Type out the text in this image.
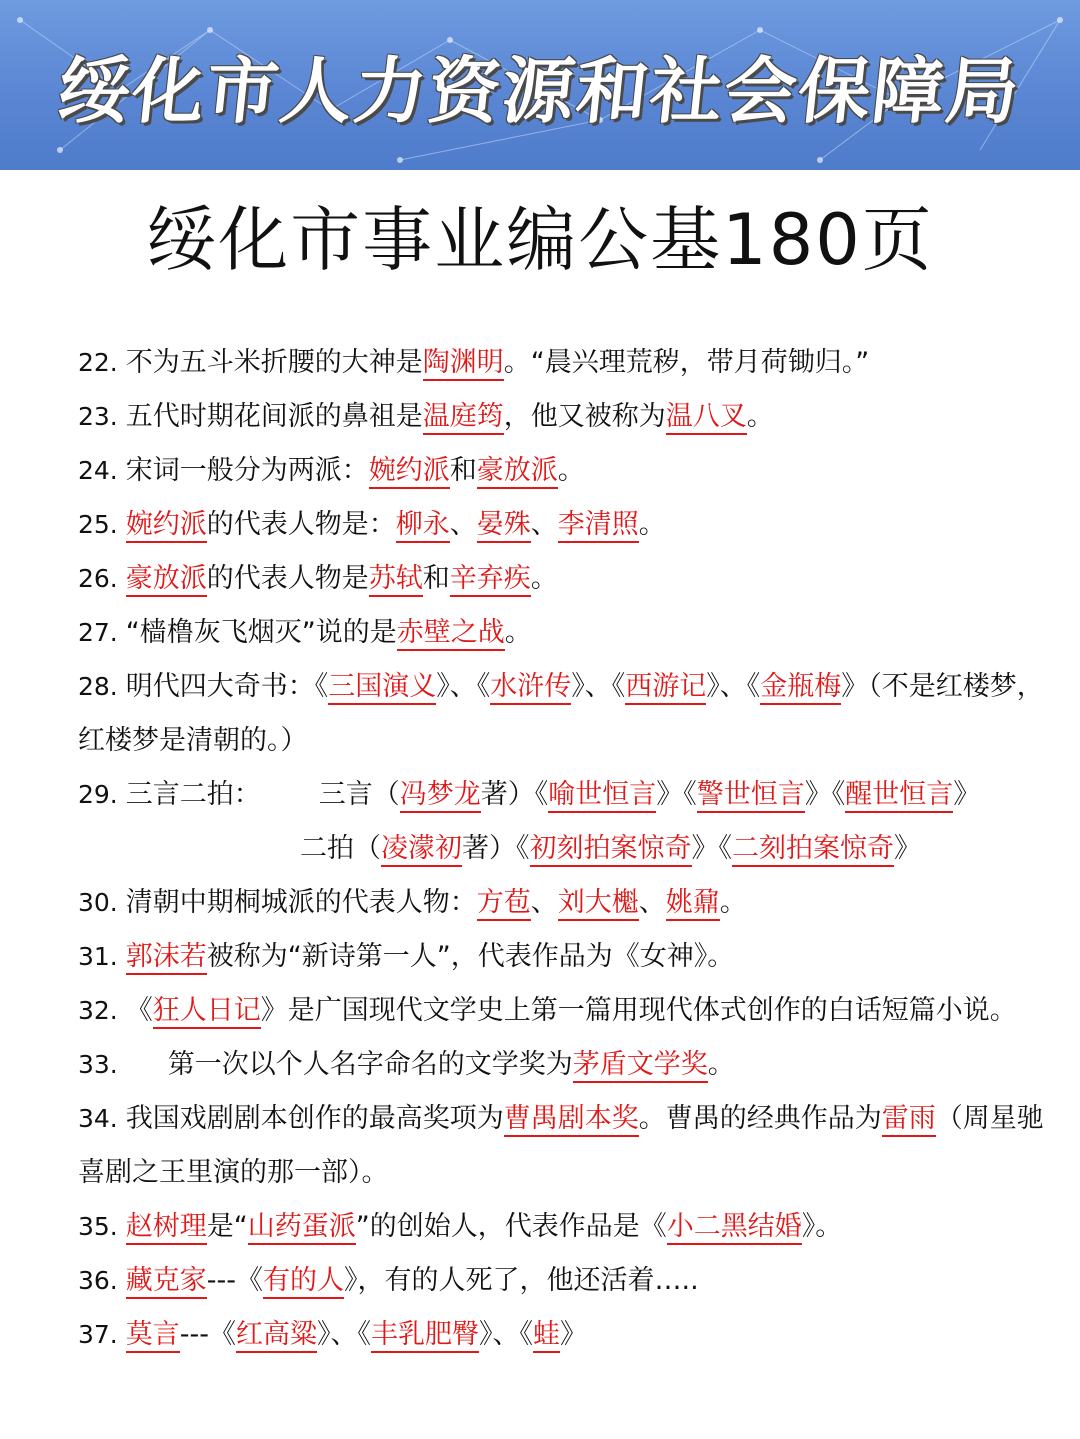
绥化市人力资源和社会保障局
绥化市事业编公基180页
22. 不为五斗米折腰的大神是陶渊明。“晨兴理荒秽，带月荷锄归。”
23. 五代时期花间派的鼻祖是温庭筠，他又被称为温八叉。
24. 宋词一般分为两派：婉约派和豪放派。
25. 婉约派的代表人物是：柳永、晏殊、李清照。
26. 豪放派的代表人物是苏轼和辛弃疾。
27. “樯橹灰飞烟灭”说的是赤壁之战。
28. 明代四大奇书：《三国演义》、《水浒传》、《西游记》、《金瓶梅》（不是红楼梦，
红楼梦是清朝的。）
29. 三言二拍： 三言（冯梦龙著）《喻世恒言》《警世恒言》《醒世恒言》
二拍（凌濛初著）《初刻拍案惊奇》《二刻拍案惊奇》
30. 清朝中期桐城派的代表人物：方苞、刘大櫆、姚鼐。
31. 郭沫若被称为“新诗第一人”，代表作品为《女神》。
32. 《狂人日记》是广国现代文学史上第一篇用现代体式创作的白话短篇小说。
33. 第一次以个人名字命名的文学奖为茅盾文学奖。
34. 我国戏剧剧本创作的最高奖项为曹禺剧本奖。曹禺的经典作品为雷雨（周星驰
喜剧之王里演的那一部）。
35. 赵树理是“山药蛋派”的创始人，代表作品是《小二黑结婚》。
36. 藏克家---《有的人》，有的人死了，他还活着…..
37. 莫言---《红高粱》、《丰乳肥臀》、《蛙》
